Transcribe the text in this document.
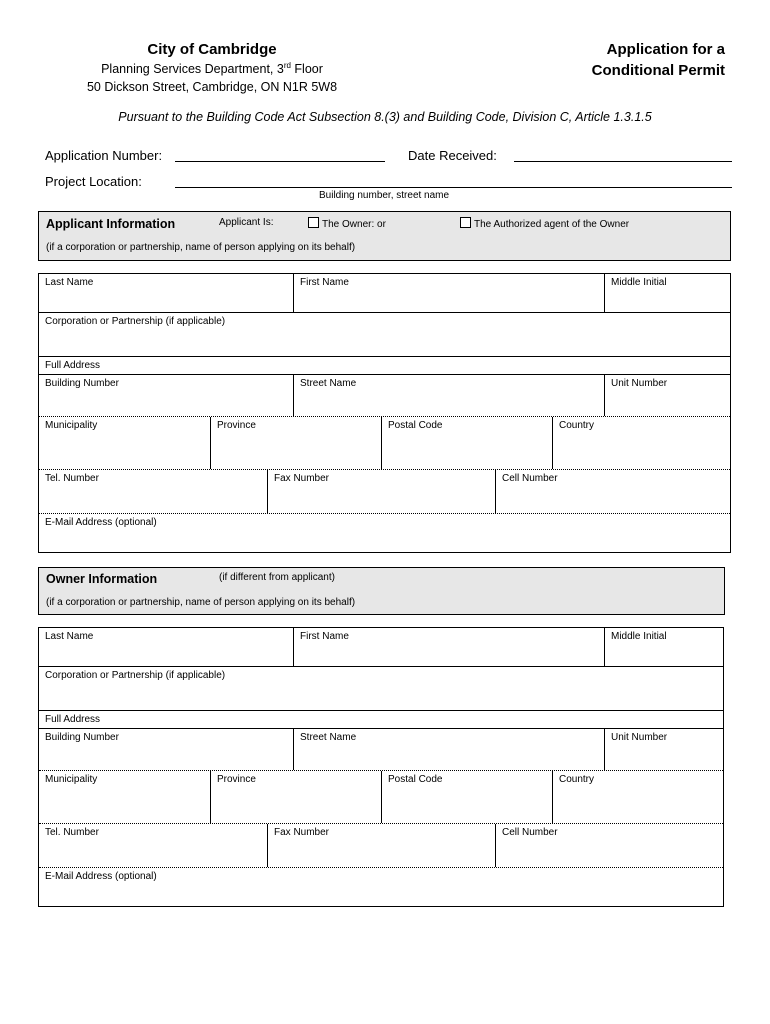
City of Cambridge
Planning Services Department, 3rd Floor
50 Dickson Street, Cambridge, ON N1R 5W8
Application for a
Conditional Permit
Pursuant to the Building Code Act Subsection 8.(3) and Building Code, Division C, Article 1.3.1.5
Application Number:	Date Received:
Project Location:
Building number, street name
Applicant Information	Applicant Is:	The Owner: or	The Authorized agent of the Owner
(if a corporation or partnership, name of person applying on its behalf)
Last Name	First Name	Middle Initial
Corporation or Partnership (if applicable)
Full Address
Building Number	Street Name	Unit Number
Municipality	Province	Postal Code	Country
Tel. Number	Fax Number	Cell Number
E-Mail Address (optional)
Owner Information	(if different from applicant)
(if a corporation or partnership, name of person applying on its behalf)
Last Name	First Name	Middle Initial
Corporation or Partnership (if applicable)
Full Address
Building Number	Street Name	Unit Number
Municipality	Province	Postal Code	Country
Tel. Number	Fax Number	Cell Number
E-Mail Address (optional)
